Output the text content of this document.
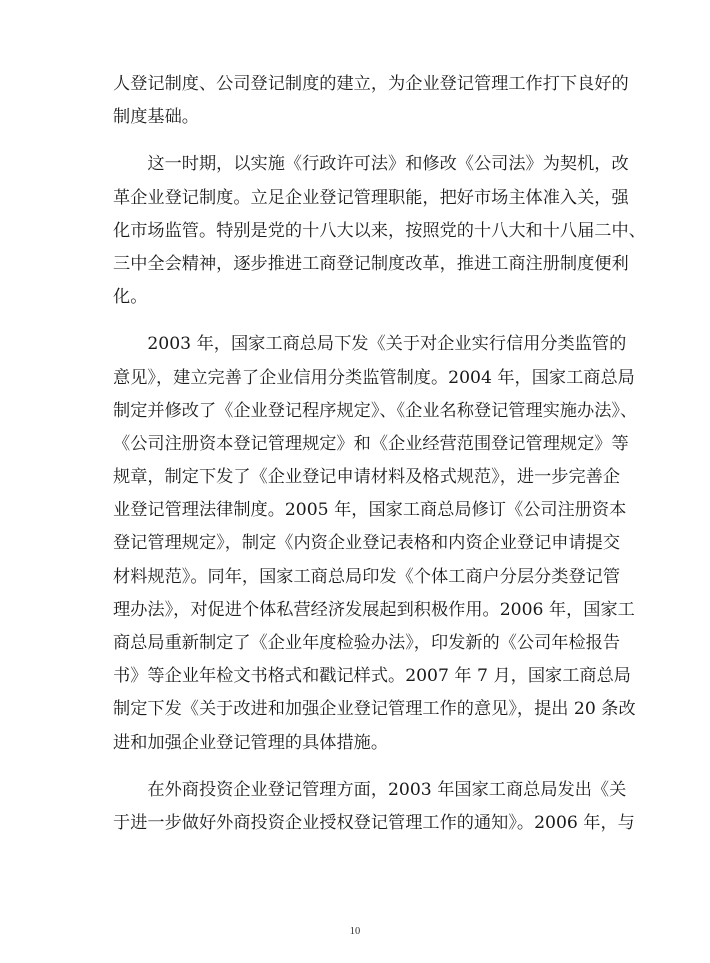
人登记制度、公司登记制度的建立，为企业登记管理工作打下良好的
制度基础。
　　这一时期，以实施《行政许可法》和修改《公司法》为契机，改
革企业登记制度。立足企业登记管理职能，把好市场主体准入关，强
化市场监管。特别是党的十八大以来，按照党的十八大和十八届二中、
三中全会精神，逐步推进工商登记制度改革，推进工商注册制度便利
化。
　　2003 年，国家工商总局下发《关于对企业实行信用分类监管的
意见》，建立完善了企业信用分类监管制度。2004 年，国家工商总局
制定并修改了《企业登记程序规定》、《企业名称登记管理实施办法》、
《公司注册资本登记管理规定》和《企业经营范围登记管理规定》等
规章，制定下发了《企业登记申请材料及格式规范》，进一步完善企
业登记管理法律制度。2005 年，国家工商总局修订《公司注册资本
登记管理规定》，制定《内资企业登记表格和内资企业登记申请提交
材料规范》。同年，国家工商总局印发《个体工商户分层分类登记管
理办法》，对促进个体私营经济发展起到积极作用。2006 年，国家工
商总局重新制定了《企业年度检验办法》，印发新的《公司年检报告
书》等企业年检文书格式和戳记样式。2007 年 7 月，国家工商总局
制定下发《关于改进和加强企业登记管理工作的意见》，提出 20 条改
进和加强企业登记管理的具体措施。
　　在外商投资企业登记管理方面，2003 年国家工商总局发出《关
于进一步做好外商投资企业授权登记管理工作的通知》。2006 年，与
10
